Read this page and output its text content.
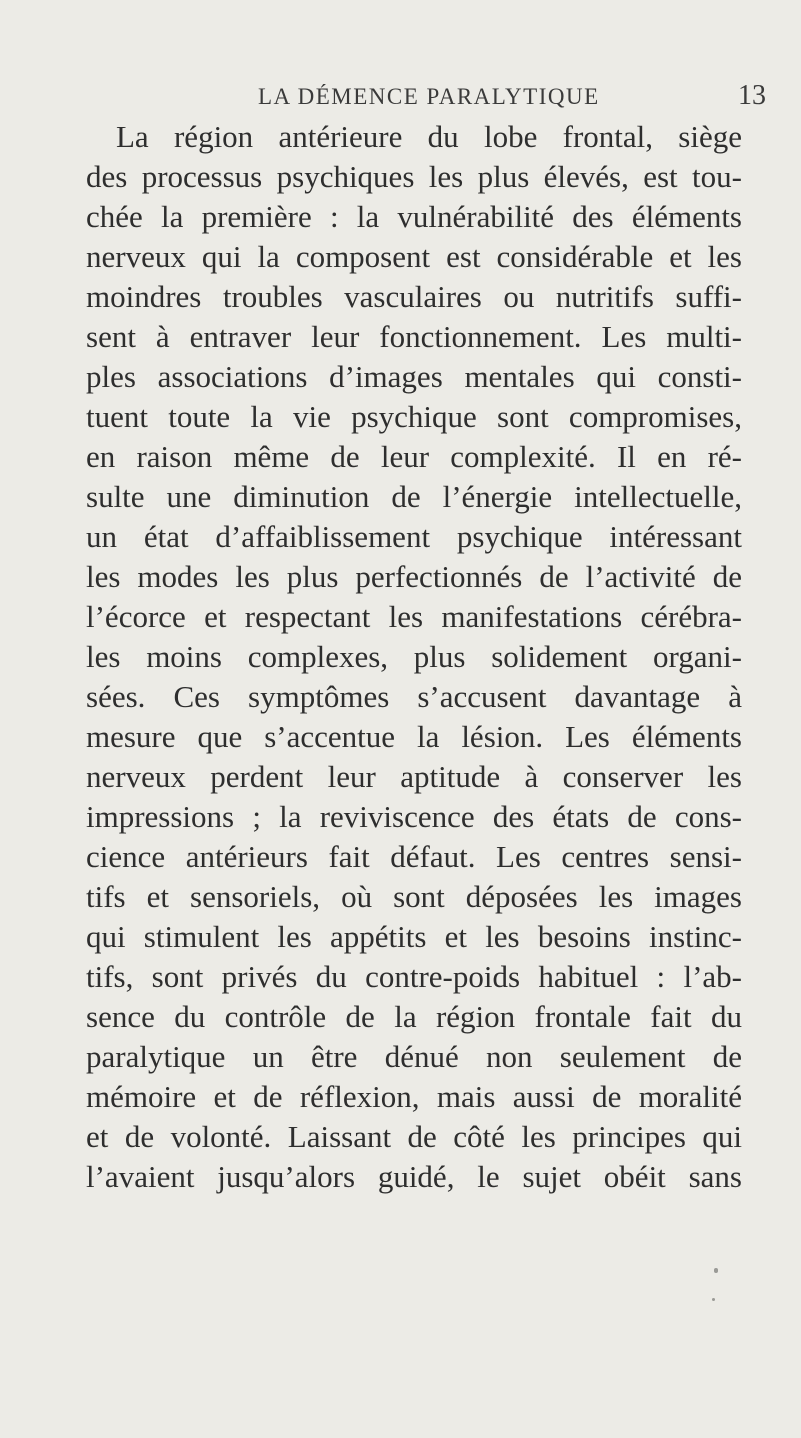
LA DÉMENCE PARALYTIQUE	13
La région antérieure du lobe frontal, siège
des processus psychiques les plus élevés, est tou-
chée la première : la vulnérabilité des éléments
nerveux qui la composent est considérable et les
moindres troubles vasculaires ou nutritifs suffi-
sent à entraver leur fonctionnement. Les multi-
ples associations d’images mentales qui consti-
tuent toute la vie psychique sont compromises,
en raison même de leur complexité. Il en ré-
sulte une diminution de l’énergie intellectuelle,
un état d’affaiblissement psychique intéressant
les modes les plus perfectionnés de l’activité de
l’écorce et respectant les manifestations cérébra-
les moins complexes, plus solidement organi-
sées. Ces symptômes s’accusent davantage à
mesure que s’accentue la lésion. Les éléments
nerveux perdent leur aptitude à conserver les
impressions ; la reviviscence des états de cons-
cience antérieurs fait défaut. Les centres sensi-
tifs et sensoriels, où sont déposées les images
qui stimulent les appétits et les besoins instinc-
tifs, sont privés du contre-poids habituel : l’ab-
sence du contrôle de la région frontale fait du
paralytique un être dénué non seulement de
mémoire et de réflexion, mais aussi de moralité
et de volonté. Laissant de côté les principes qui
l’avaient jusqu’alors guidé, le sujet obéit sans
